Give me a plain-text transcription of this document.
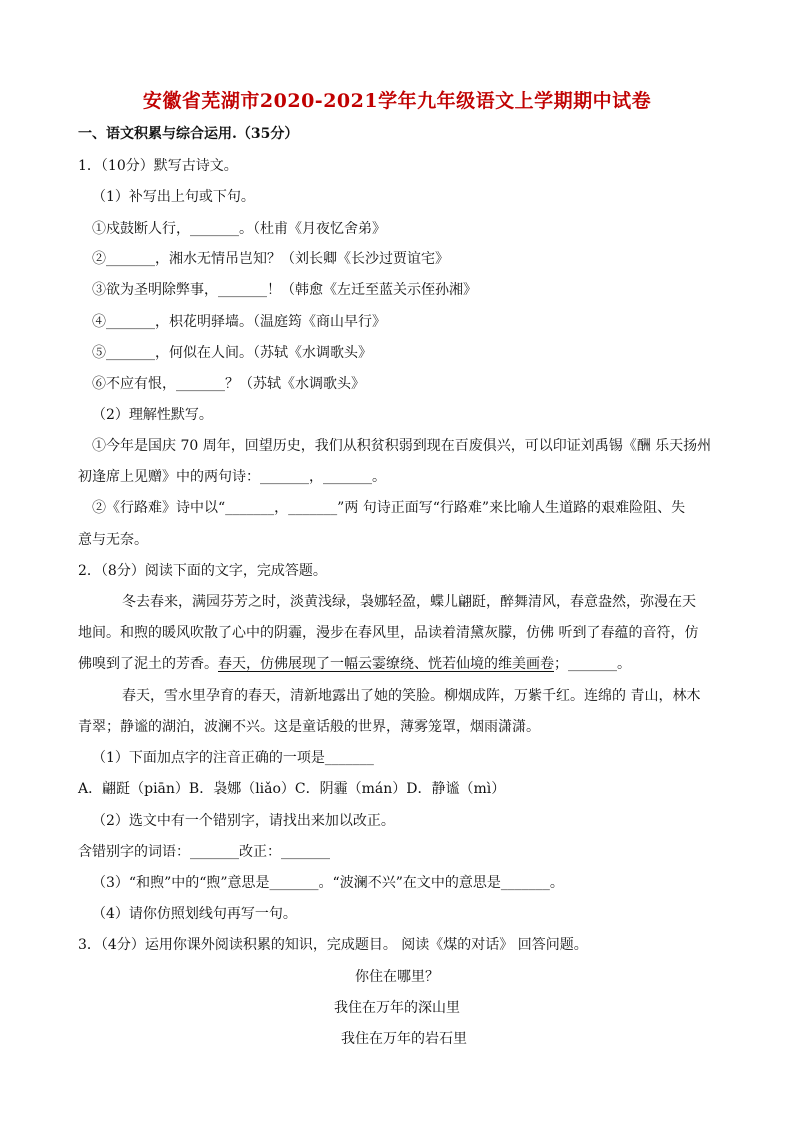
安徽省芜湖市2020-2021学年九年级语文上学期期中试卷
一、语文积累与综合运用.（35分）
1．（10分）默写古诗文。
（1）补写出上句或下句。
①戍鼓断人行，_______。（杜甫《月夜忆舍弟》
②_______，湘水无情吊岂知？（刘长卿《长沙过贾谊宅》
③欲为圣明除弊事，_______！（韩愈《左迁至蓝关示侄孙湘》
④_______，枳花明驿墙。（温庭筠《商山早行》
⑤_______，何似在人间。（苏轼《水调歌头》
⑥不应有恨，_______？（苏轼《水调歌头》
（2）理解性默写。
①今年是国庆 70 周年，回望历史，我们从积贫积弱到现在百废俱兴，可以印证刘禹锡《酬 乐天扬州
初逢席上见赠》中的两句诗：_______，_______。
②《行路难》诗中以“_______，_______”两 句诗正面写“行路难”来比喻人生道路的艰难险阻、失
意与无奈。
2．（8分）阅读下面的文字，完成答题。
冬去春来，满园芬芳之时，淡黄浅绿，袅娜轻盈，蝶儿翩跹，醉舞清风，春意盎然，弥漫在天
地间。和煦的暖风吹散了心中的阴霾，漫步在春风里，品读着清黛灰朦，仿佛 听到了春蕴的音符，仿
佛嗅到了泥土的芳香。春天，仿佛展现了一幅云霎缭绕、恍若仙境的维美画卷；_______。
春天，雪水里孕育的春天，清新地露出了她的笑脸。柳烟成阵，万紫千红。连绵的 青山，林木
青翠；静谧的湖泊，波澜不兴。这是童话般的世界，薄雾笼罩，烟雨潇潇。
（1）下面加点字的注音正确的一项是_______
A．翩跹（piān）B．袅娜（liǎo）C．阴霾（mán）D．静谧（mì）
（2）选文中有一个错别字，请找出来加以改正。
含错别字的词语：_______改正：_______
（3）“和煦”中的“煦”意思是_______。“波澜不兴”在文中的意思是_______。
（4）请你仿照划线句再写一句。
3．（4分）运用你课外阅读积累的知识，完成题目。 阅读《煤的对话》 回答问题。
你住在哪里？
我住在万年的深山里
我住在万年的岩石里
